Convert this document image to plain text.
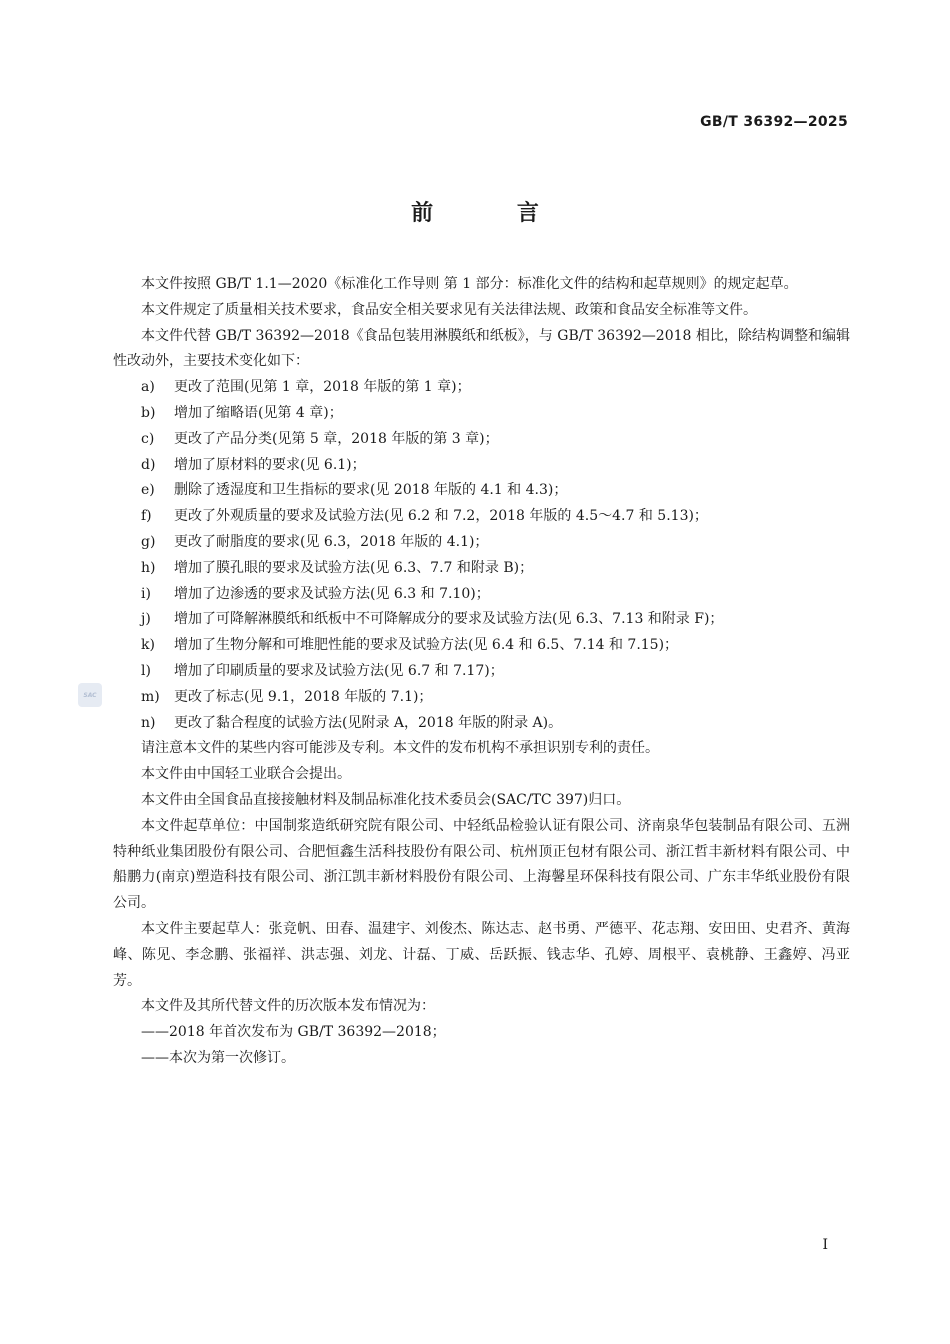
GB/T 36392—2025
前 言

本文件按照 GB/T 1.1—2020《标准化工作导则 第 1 部分：标准化文件的结构和起草规则》的规定起草。

本文件规定了质量相关技术要求，食品安全相关要求见有关法律法规、政策和食品安全标准等文件。

本文件代替 GB/T 36392—2018《食品包装用淋膜纸和纸板》，与 GB/T 36392—2018 相比，除结构调整和编辑性改动外，主要技术变化如下：

a)	更改了范围(见第 1 章，2018 年版的第 1 章)；

b)	增加了缩略语(见第 4 章)；

c)	更改了产品分类(见第 5 章，2018 年版的第 3 章)；

d)	增加了原材料的要求(见 6.1)；

e)	删除了透湿度和卫生指标的要求(见 2018 年版的 4.1 和 4.3)；

f)	更改了外观质量的要求及试验方法(见 6.2 和 7.2，2018 年版的 4.5～4.7 和 5.13)；

g)	更改了耐脂度的要求(见 6.3，2018 年版的 4.1)；

h)	增加了膜孔眼的要求及试验方法(见 6.3、7.7 和附录 B)；

i)	增加了边渗透的要求及试验方法(见 6.3 和 7.10)；

j)	增加了可降解淋膜纸和纸板中不可降解成分的要求及试验方法(见 6.3、7.13 和附录 F)；

k)	增加了生物分解和可堆肥性能的要求及试验方法(见 6.4 和 6.5、7.14 和 7.15)；

l)	增加了印刷质量的要求及试验方法(见 6.7 和 7.17)；

m)	更改了标志(见 9.1，2018 年版的 7.1)；

n)	更改了黏合程度的试验方法(见附录 A，2018 年版的附录 A)。

请注意本文件的某些内容可能涉及专利。本文件的发布机构不承担识别专利的责任。

本文件由中国轻工业联合会提出。

本文件由全国食品直接接触材料及制品标准化技术委员会(SAC/TC 397)归口。

本文件起草单位：中国制浆造纸研究院有限公司、中轻纸品检验认证有限公司、济南泉华包装制品有限公司、五洲特种纸业集团股份有限公司、合肥恒鑫生活科技股份有限公司、杭州顶正包材有限公司、浙江哲丰新材料有限公司、中船鹏力(南京)塑造科技有限公司、浙江凯丰新材料股份有限公司、上海馨星环保科技有限公司、广东丰华纸业股份有限公司。

本文件主要起草人：张竞帆、田春、温建宇、刘俊杰、陈达志、赵书勇、严德平、花志翔、安田田、史君齐、黄海峰、陈见、李念鹏、张福祥、洪志强、刘龙、计磊、丁威、岳跃振、钱志华、孔婷、周根平、袁桃静、王鑫婷、冯亚芳。

本文件及其所代替文件的历次版本发布情况为：

——2018 年首次发布为 GB/T 36392—2018；

——本次为第一次修订。

SAC
Ⅰ
